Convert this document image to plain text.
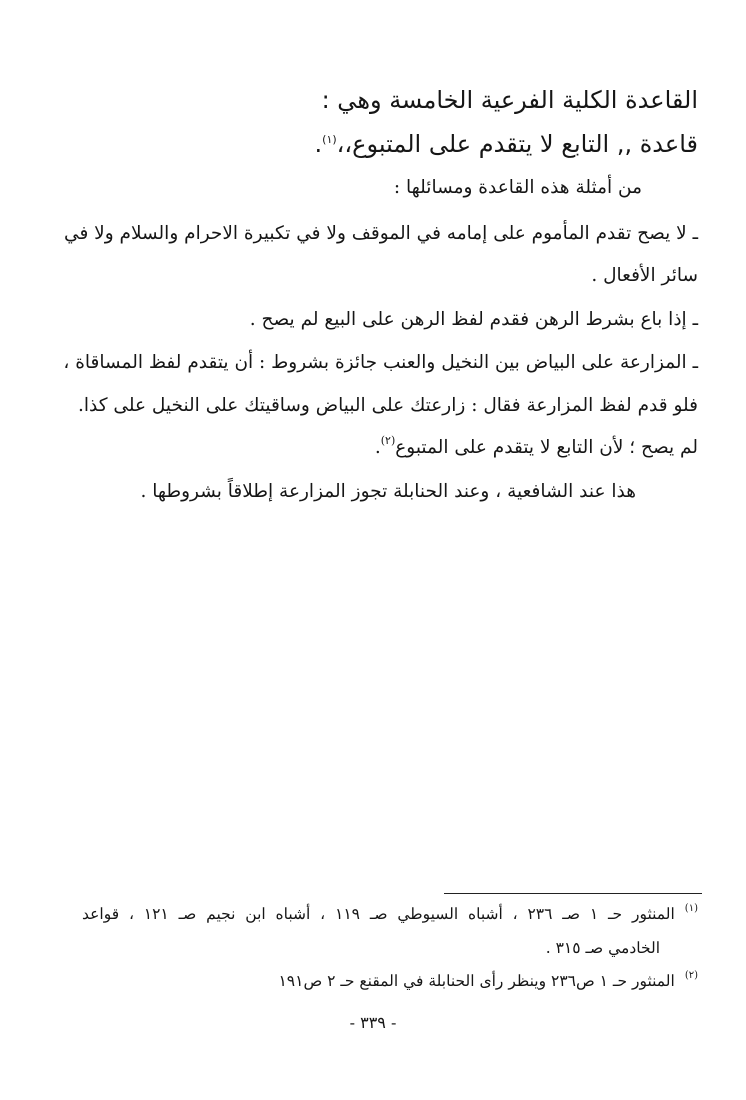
القاعدة الكلية الفرعية الخامسة وهي :
قاعدة ,, التابع لا يتقدم على المتبوع،،$^{(١)}$.
من أمثلة هذه القاعدة ومسائلها :
ـ لا يصح تقدم المأموم على إمامه في الموقف ولا في تكبيرة الاحرام والسلام ولا في
سائر الأفعال .
ـ إذا باع بشرط الرهن فقدم لفظ الرهن على البيع لم يصح .
ـ المزارعة على البياض بين النخيل والعنب جائزة بشروط : أن يتقدم لفظ المساقاة ،
فلو قدم لفظ المزارعة فقال : زارعتك على البياض وساقيتك على النخيل على كذا.
لم يصح ؛ لأن التابع لا يتقدم على المتبوع$^{(٢)}$.
هذا عند الشافعية ، وعند الحنابلة تجوز المزارعة إطلاقاً بشروطها .
$^{(١)}$المنثور حـ ١ صـ ٢٣٦ ، أشباه السيوطي صـ ١١٩ ، أشباه ابن نجيم صـ ١٢١ ، قواعد
الخادمي صـ ٣١٥ .
$^{(٢)}$المنثور حـ ١ ص٢٣٦ وينظر رأى الحنابلة في المقنع حـ ٢ ص١٩١
- ٣٣٩ -
